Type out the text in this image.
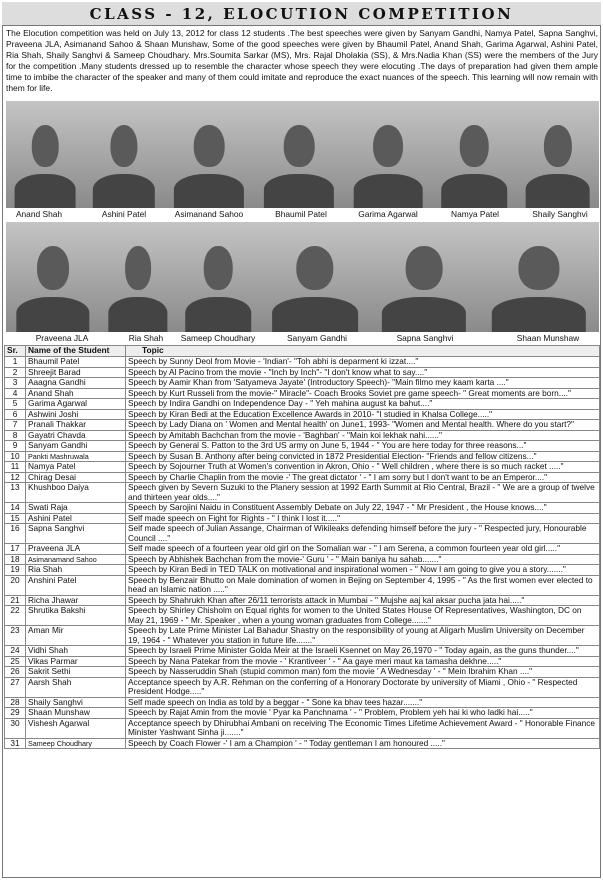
CLASS - 12, ELOCUTION COMPETITION
The Elocution competition was held on July 13, 2012 for class 12 students .The best speeches were given by Sanyam Gandhi, Namya Patel, Sapna Sanghvi, Praveena JLA, Asimanand Sahoo & Shaan Munshaw, Some of the good speeches were given by Bhaumil Patel, Anand Shah, Garima Agarwal, Ashini Patel, Ria Shah, Shaily Sanghvi & Sameep Choudhary. Mrs.Soumita Sarkar (MS), Mrs. Rajal Dholakia (SS), & Mrs.Nadia Khan (SS) were the members of the Jury for the competition .Many students dressed up to resemble the character whose speech they were elocuting .The days of preparation had given them ample time to imbibe the character of the speaker and many of them could imitate and reproduce the exact nuances of the speech. This learning will now remain with them for life.
Anand Shah	Ashini Patel	Asimanand Sahoo	Bhaumil Patel	Garima Agarwal	Namya Patel	Shaily Sanghvi
Praveena JLA	Ria Shah	Sameep Choudhary	Sanyam Gandhi	Sapna Sanghvi	Shaan Munshaw
Sr.	Name of the Student	Topic
1	Bhaumil Patel	Speech by Sunny Deol from Movie - 'Indian'- "Toh abhi is deparment ki izzat...."
2	Shreejit Barad	Speech by Al Pacino from the movie - "Inch by Inch"- "I don't know what to say...."
3	Aaagna Gandhi	Speech by Aamir Khan from 'Satyameva Jayate' (Introductory Speech)- "Main filmo mey kaam karta ...."
4	Anand Shah	Speech by Kurt Russeli from the movie-" Miracle"- Coach Brooks Soviet pre game speech- " Great moments are born...."
5	Garima Agarwal	Speech by Indira Gandhi on Independence Day - " Yeh mahina august ka bahut...."
6	Ashwini Joshi	Speech by Kiran Bedi at the Education Excellence Awards in 2010- "I studied in Khalsa College....."
7	Pranali Thakkar	Speech by Lady Diana on ' Women and Mental health' on June1, 1993- "Women and Mental health. Where do you start?"
8	Gayatri Chavda	Speech by Amitabh Bachchan from the movie - 'Baghban' - "Main koi lekhak nahi......"
9	Sanyam Gandhi	Speech by General S. Patton to the 3rd US army on June 5, 1944 - " You are here today for three reasons..."
10	Pankti Mashruwala	Speech by Susan B. Anthony after being convicted in 1872 Presidential Election- "Friends and fellow citizens..."
11	Namya Patel	Speech by Sojourner Truth at Women's convention in Akron, Ohio - " Well children , where there is so much racket ....."
12	Chirag Desai	Speech by Charlie Chaplin from the movie -' The great dictator ' - " I am sorry but I don't want to be an Emperor...."
13	Khushboo Daiya	Speech given by Severn Suzuki to the Planery session at 1992 Earth Summit at Rio Central, Brazil - " We are a group of twelve and thirteen year olds...."
14	Swati Raja	Speech by Sarojini Naidu in Constituent Assembly Debate on July 22, 1947 - " Mr President , the House knows...."
15	Ashini Patel	Self made speech on Fight for Rights - " I think I lost it....."
16	Sapna Sanghvi	Self made speech of Julian Assange, Chairman of Wikileaks defending himself before the jury - " Respected jury, Honourable Council ...."
17	Praveena JLA	Self made speech of a fourteen year old girl on the Somalian war - " I am Serena, a common fourteen year old girl....."
18	Asimanamand Sahoo	Speech by Abhishek Bachchan from the movie-' Guru ' - " Main baniya hu sahab......."
19	Ria Shah	Speech by Kiran Bedi in TED TALK on motivational and inspirational women - " Now I am going to give you a story......."
20	Anshini Patel	Speech by Benzair Bhutto on Male domination of women in Bejing on September 4, 1995 - " As the first women ever elected to head an Islamic nation ....."
21	Richa Jhawar	Speech by Shahrukh Khan after 26/11 terrorists attack in Mumbai - " Mujshe aaj kal aksar pucha jata hai....."
22	Shrutika Bakshi	Speech by Shirley Chisholm on Equal rights for women to the United States House Of Representatives, Washington, DC on May 21, 1969 - " Mr. Speaker , when a young woman graduates from College......."
23	Aman Mir	Speech by Late Prime Minister Lal Bahadur Shastry on the responsibility of young at Aligarh Muslim University on December 19, 1964 - " Whatever you station in future life......."
24	Vidhi Shah	Speech by Israeli Prime Minister Golda Meir at the Israeli Ksennet on May 26,1970 - " Today again, as the guns thunder...."
25	Vikas Parmar	Speech by Nana Patekar from the movie - ' Krantiveer ' - " Aa gaye meri maut ka tamasha dekhne....."
26	Sakrit Sethi	Speech by Nasseruddin Shah (stupid common man) fom the movie ' A Wednesday ' - " Mein Ibrahim Khan ...."
27	Aarsh Shah	Acceptance speech by A.R. Rehman on the conferring of a Honorary Doctorate by university of Miami , Ohio - " Respected President Hodge....."
28	Shaily Sanghvi	Self made speech on India as told by a beggar - " Sone ka bhav tees hazar......."
29	Shaan Munshaw	Speech by Rajat Amin from the movie ' Pyar ka Panchnama ' - " Problem, Problem yeh hai ki who ladki hai....."
30	Vishesh Agarwal	Acceptance speech by Dhirubhai Ambani on receiving The Economic Times Lifetime Achievement Award - " Honorable Finance Minister Yashwant Sinha ji......."
31	Sameep Choudhary	Speech by Coach Flower -' I am a Champion ' - " Today gentleman I am honoured ....."
